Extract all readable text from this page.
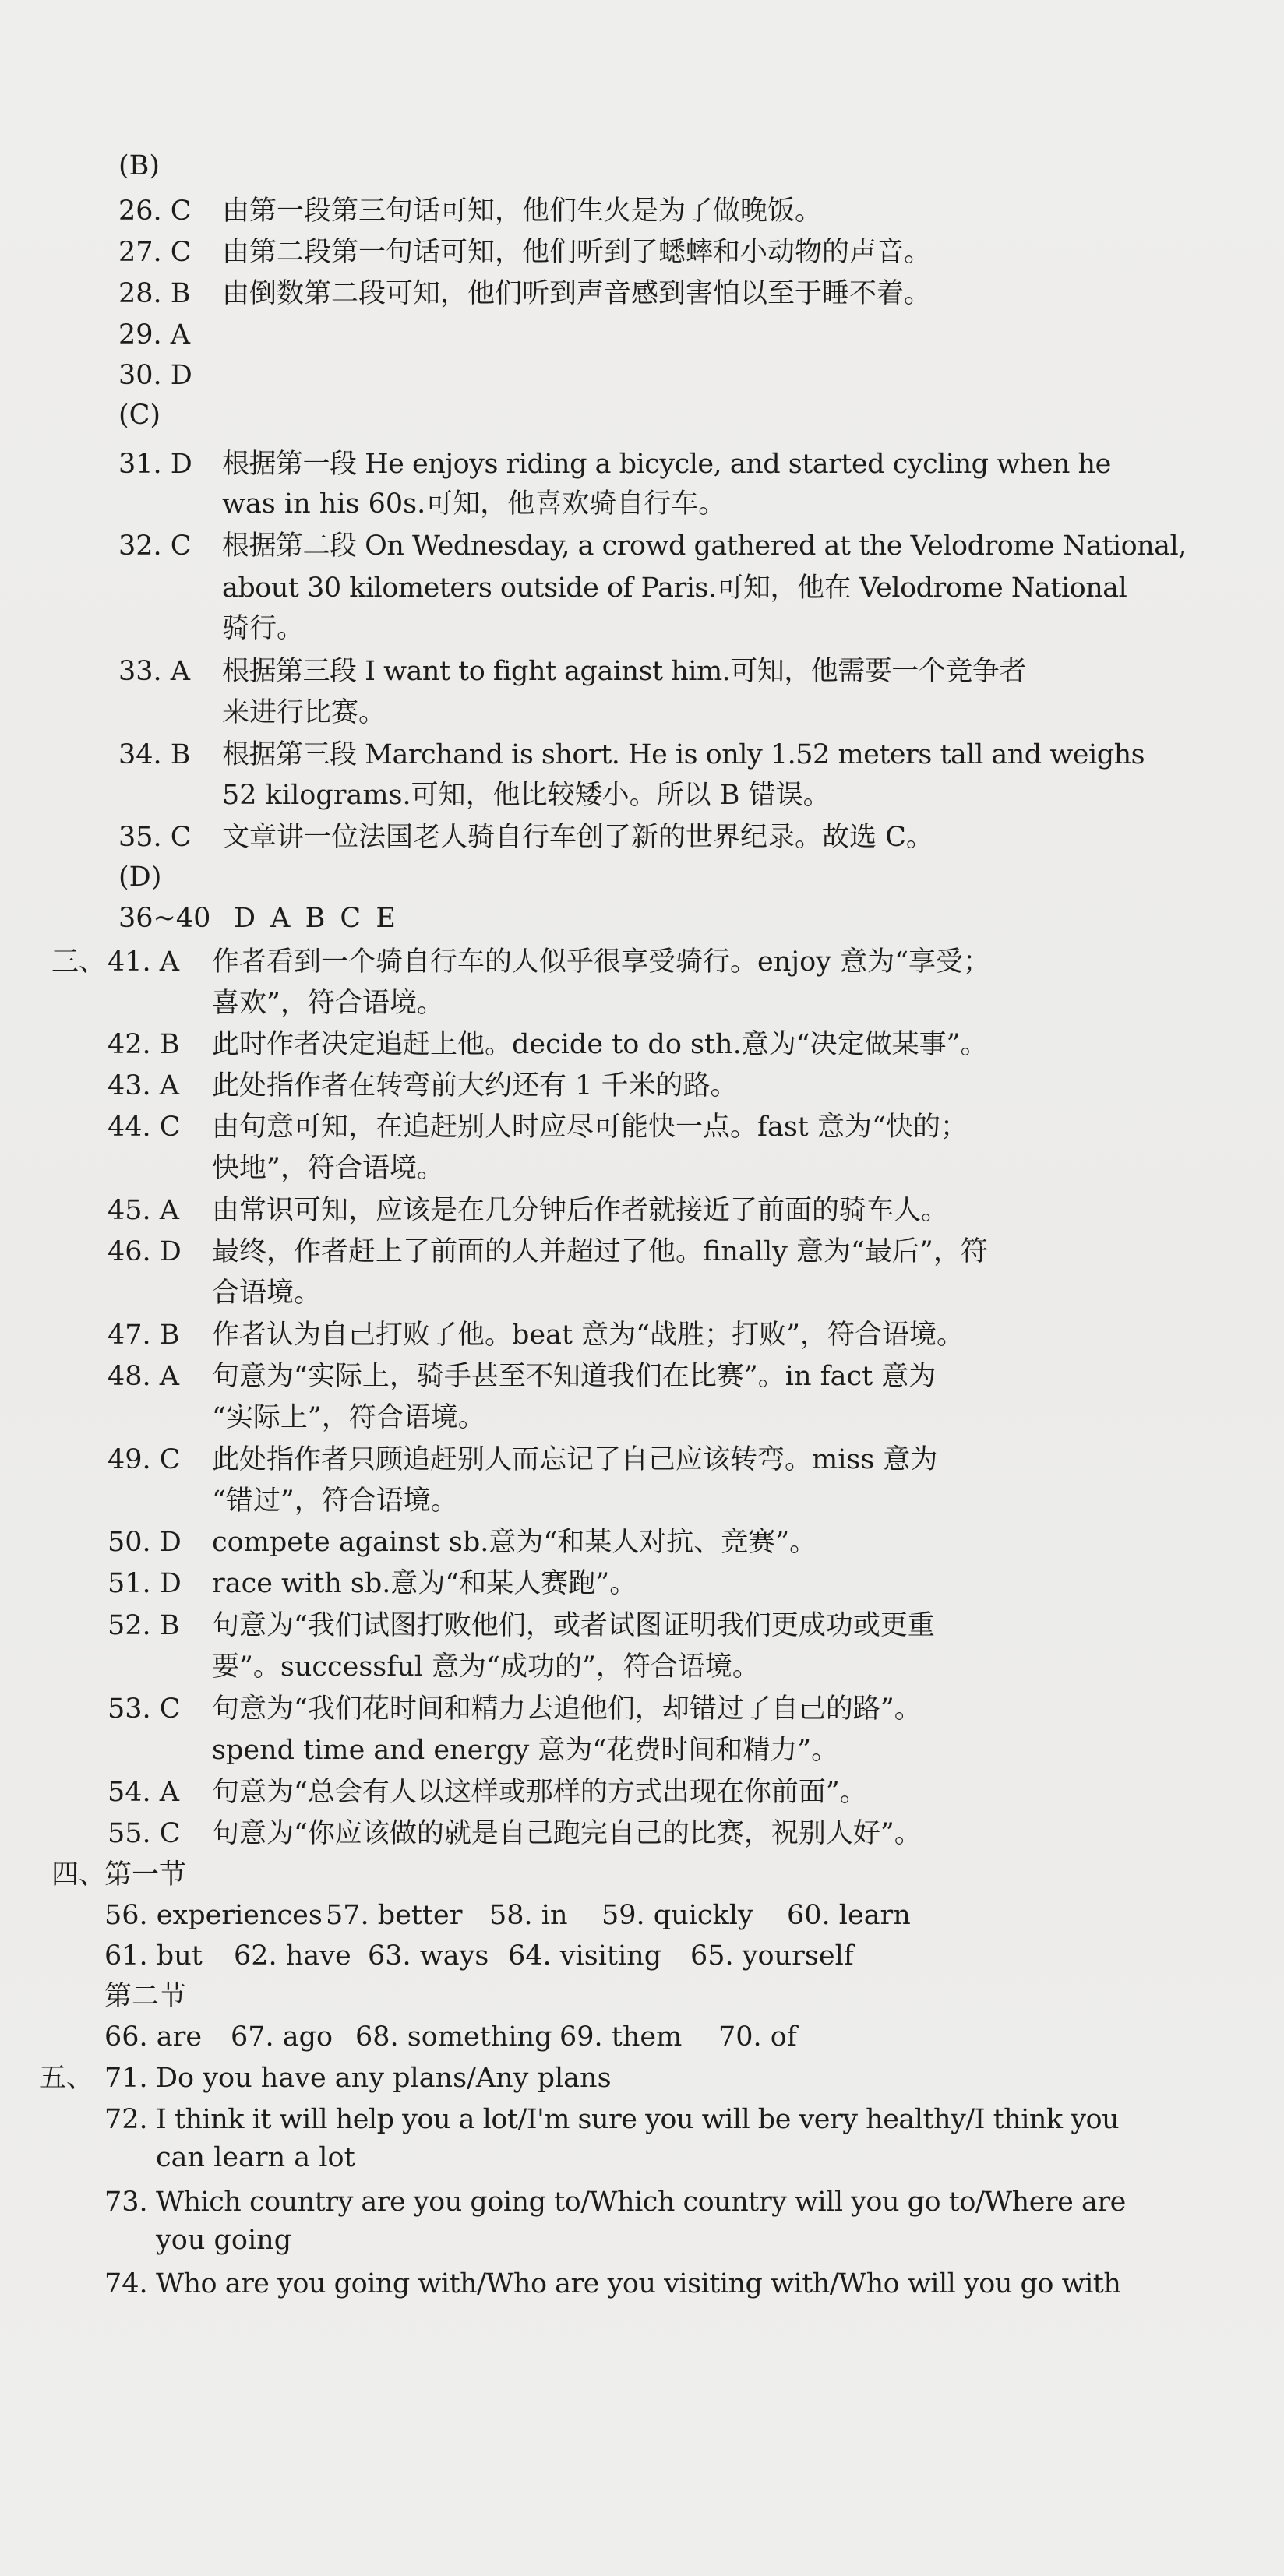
(B)
26. C 由第一段第三句话可知，他们生火是为了做晚饭。
27. C 由第二段第一句话可知，他们听到了蟋蟀和小动物的声音。
28. B 由倒数第二段可知，他们听到声音感到害怕以至于睡不着。
29. A
30. D
(C)
31. D 根据第一段 He enjoys riding a bicycle, and started cycling when he
was in his 60s.可知，他喜欢骑自行车。
32. C 根据第二段 On Wednesday, a crowd gathered at the Velodrome National,
about 30 kilometers outside of Paris.可知，他在 Velodrome National
骑行。
33. A 根据第三段 I want to fight against him.可知，他需要一个竞争者
来进行比赛。
34. B 根据第三段 Marchand is short. He is only 1.52 meters tall and weighs
52 kilograms.可知，他比较矮小。所以 B 错误。
35. C 文章讲一位法国老人骑自行车创了新的世界纪录。故选 C。
(D)
36~40 D A B C E
三、 41. A 作者看到一个骑自行车的人似乎很享受骑行。enjoy 意为“享受；
喜欢”，符合语境。
42. B 此时作者决定追赶上他。decide to do sth.意为“决定做某事”。
43. A 此处指作者在转弯前大约还有 1 千米的路。
44. C 由句意可知，在追赶别人时应尽可能快一点。fast 意为“快的；
快地”，符合语境。
45. A 由常识可知，应该是在几分钟后作者就接近了前面的骑车人。
46. D 最终，作者赶上了前面的人并超过了他。finally 意为“最后”，符
合语境。
47. B 作者认为自己打败了他。beat 意为“战胜；打败”，符合语境。
48. A 句意为“实际上，骑手甚至不知道我们在比赛”。in fact 意为
“实际上”，符合语境。
49. C 此处指作者只顾追赶别人而忘记了自己应该转弯。miss 意为
“错过”，符合语境。
50. D compete against sb.意为“和某人对抗、竞赛”。
51. D race with sb.意为“和某人赛跑”。
52. B 句意为“我们试图打败他们，或者试图证明我们更成功或更重
要”。successful 意为“成功的”，符合语境。
53. C 句意为“我们花时间和精力去追他们，却错过了自己的路”。
spend time and energy 意为“花费时间和精力”。
54. A 句意为“总会有人以这样或那样的方式出现在你前面”。
55. C 句意为“你应该做的就是自己跑完自己的比赛，祝别人好”。
四、
第一节
56. experiences 57. better 58. in 59. quickly 60. learn
61. but 62. have 63. ways 64. visiting 65. yourself
第二节
66. are 67. ago 68. something 69. them 70. of
五、 71. Do you have any plans/Any plans
72. I think it will help you a lot/I'm sure you will be very healthy/I think you
can learn a lot
73. Which country are you going to/Which country will you go to/Where are
you going
74. Who are you going with/Who are you visiting with/Who will you go with
